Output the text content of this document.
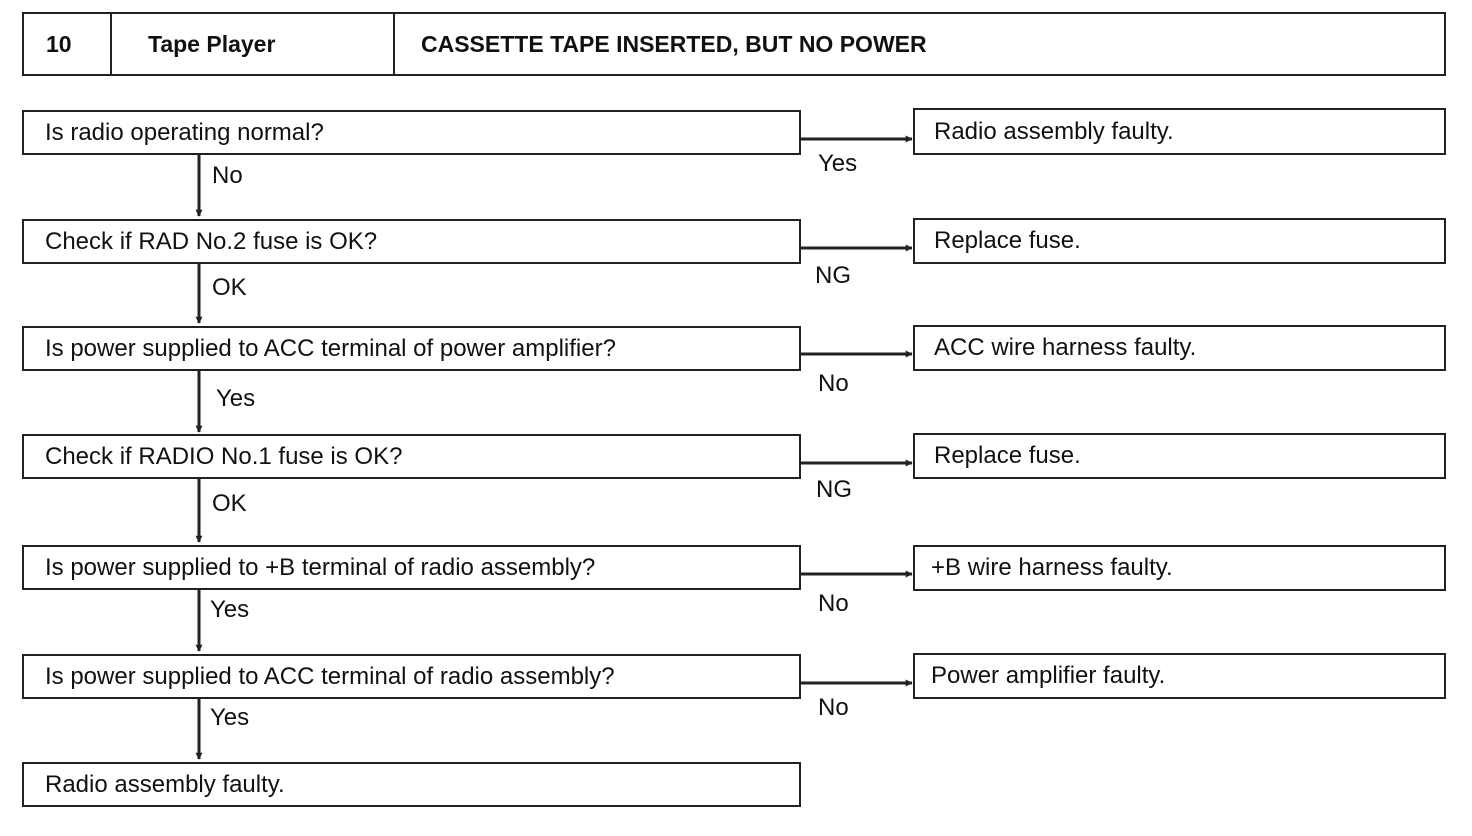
10	Tape Player	CASSETTE TAPE INSERTED, BUT NO POWER
Is radio operating normal?	Radio assembly faulty.
Yes
No
Check if RAD No.2 fuse is OK?	Replace fuse.
NG
OK
Is power supplied to ACC terminal of power amplifier?	ACC wire harness faulty.
No
Yes
Check if RADIO No.1 fuse is OK?	Replace fuse.
NG
OK
Is power supplied to +B terminal of radio assembly?	+B wire harness faulty.
No
Yes
Is power supplied to ACC terminal of radio assembly?	Power amplifier faulty.
No
Yes
Radio assembly faulty.
